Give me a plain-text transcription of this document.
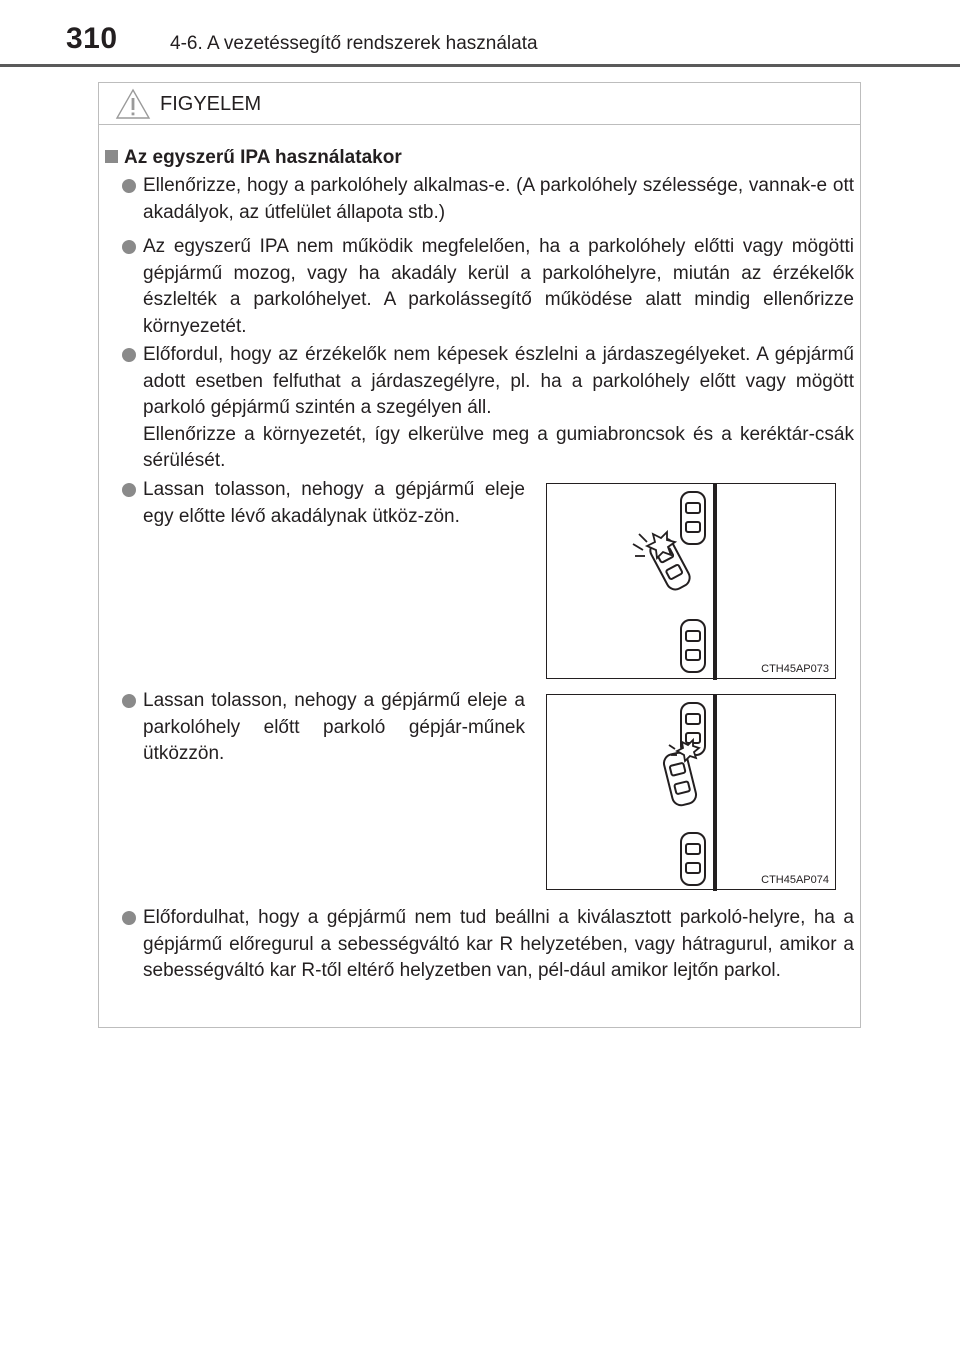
310	4-6. A vezetéssegítő rendszerek használata
FIGYELEM
Az egyszerű IPA használatakor

Ellenőrizze, hogy a parkolóhely alkalmas-e. (A parkolóhely szélessége, vannak-e ott akadályok, az útfelület állapota stb.)

Az egyszerű IPA nem működik megfelelően, ha a parkolóhely előtti vagy mögötti gépjármű mozog, vagy ha akadály kerül a parkolóhelyre, miután az érzékelők észlelték a parkolóhelyet. A parkolássegítő működése alatt mindig ellenőrizze környezetét.

Előfordul, hogy az érzékelők nem képesek észlelni a járdaszegélyeket. A gépjármű adott esetben felfuthat a járdaszegélyre, pl. ha a parkolóhely előtt vagy mögött parkoló gépjármű szintén a szegélyen áll.

Ellenőrizze a környezetét, így elkerülve meg a gumiabroncsok és a keréktár-csák sérülését.

Lassan tolasson, nehogy a gépjármű eleje egy előtte lévő akadálynak ütköz-zön.

Lassan tolasson, nehogy a gépjármű eleje a parkolóhely előtt parkoló gépjár-műnek ütközzön.

Előfordulhat, hogy a gépjármű nem tud beállni a kiválasztott parkoló-helyre, ha a gépjármű előregurul a sebességváltó kar R helyzetében, vagy hátragurul, amikor a sebességváltó kar R-től eltérő helyzetben van, pél-dául amikor lejtőn parkol.

CTH45AP073
CTH45AP074
